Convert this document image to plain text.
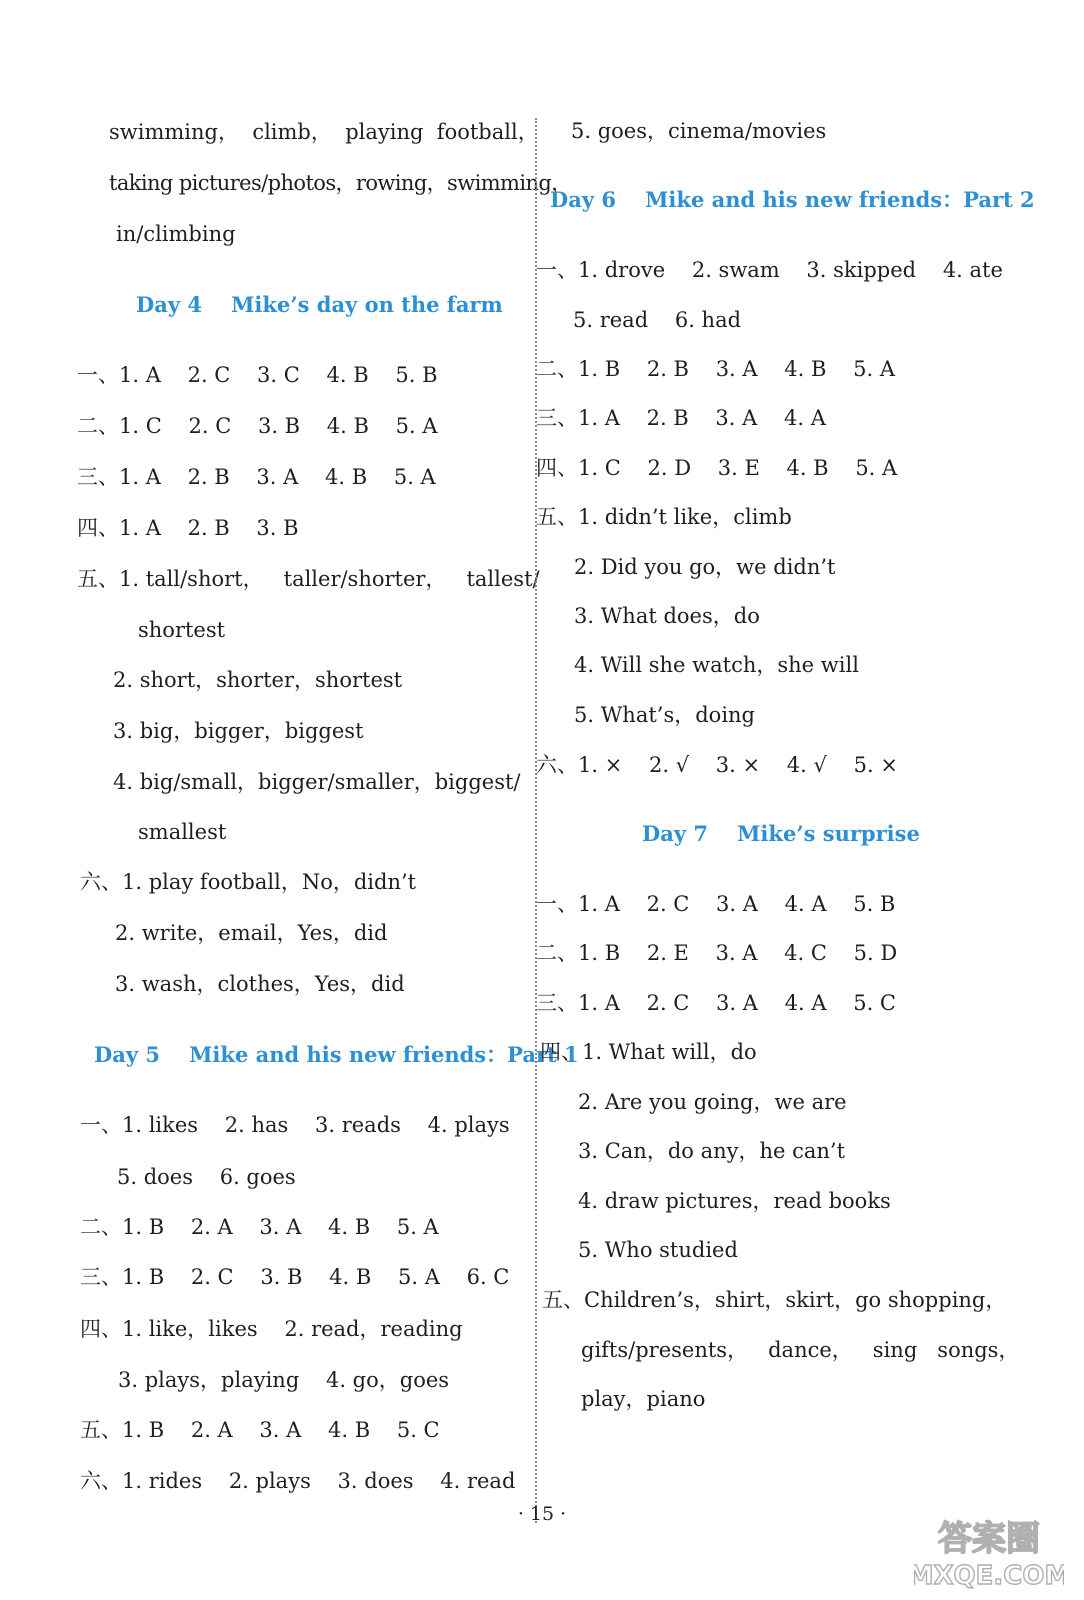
swimming，  climb，  playing  football，
taking pictures/photos，rowing，swimming，
in/climbing
Day 4    Mike’s day on the farm
一、1. A    2. C    3. C    4. B    5. B
二、1. C    2. C    3. B    4. B    5. A
三、1. A    2. B    3. A    4. B    5. A
四、1. A    2. B    3. B
五、1. tall/short，   taller/shorter，   tallest/
shortest
2. short，shorter，shortest
3. big，bigger，biggest
4. big/small，bigger/smaller，biggest/
smallest
六、1. play football，No，didn’t
2. write，email，Yes，did
3. wash，clothes，Yes，did
Day 5    Mike and his new friends：Part 1
一、1. likes    2. has    3. reads    4. plays
5. does    6. goes
二、1. B    2. A    3. A    4. B    5. A
三、1. B    2. C    3. B    4. B    5. A    6. C
四、1. like，likes    2. read，reading
3. plays，playing    4. go，goes
五、1. B    2. A    3. A    4. B    5. C
六、1. rides    2. plays    3. does    4. read
5. goes，cinema/movies
Day 6    Mike and his new friends：Part 2
一、1. drove    2. swam    3. skipped    4. ate
5. read    6. had
二、1. B    2. B    3. A    4. B    5. A
三、1. A    2. B    3. A    4. A
四、1. C    2. D    3. E    4. B    5. A
五、1. didn’t like，climb
2. Did you go，we didn’t
3. What does，do
4. Will she watch，she will
5. What’s，doing
六、1. ×    2. √    3. ×    4. √    5. ×
Day 7    Mike’s surprise
一、1. A    2. C    3. A    4. A    5. B
二、1. B    2. E    3. A    4. C    5. D
三、1. A    2. C    3. A    4. A    5. C
四、1. What will，do
2. Are you going，we are
3. Can，do any，he can’t
4. draw pictures，read books
5. Who studied
五、Children’s，shirt，skirt，go shopping，
gifts/presents，   dance，   sing   songs，
play，piano
· 15 ·
答案圈
MXQE.COM
